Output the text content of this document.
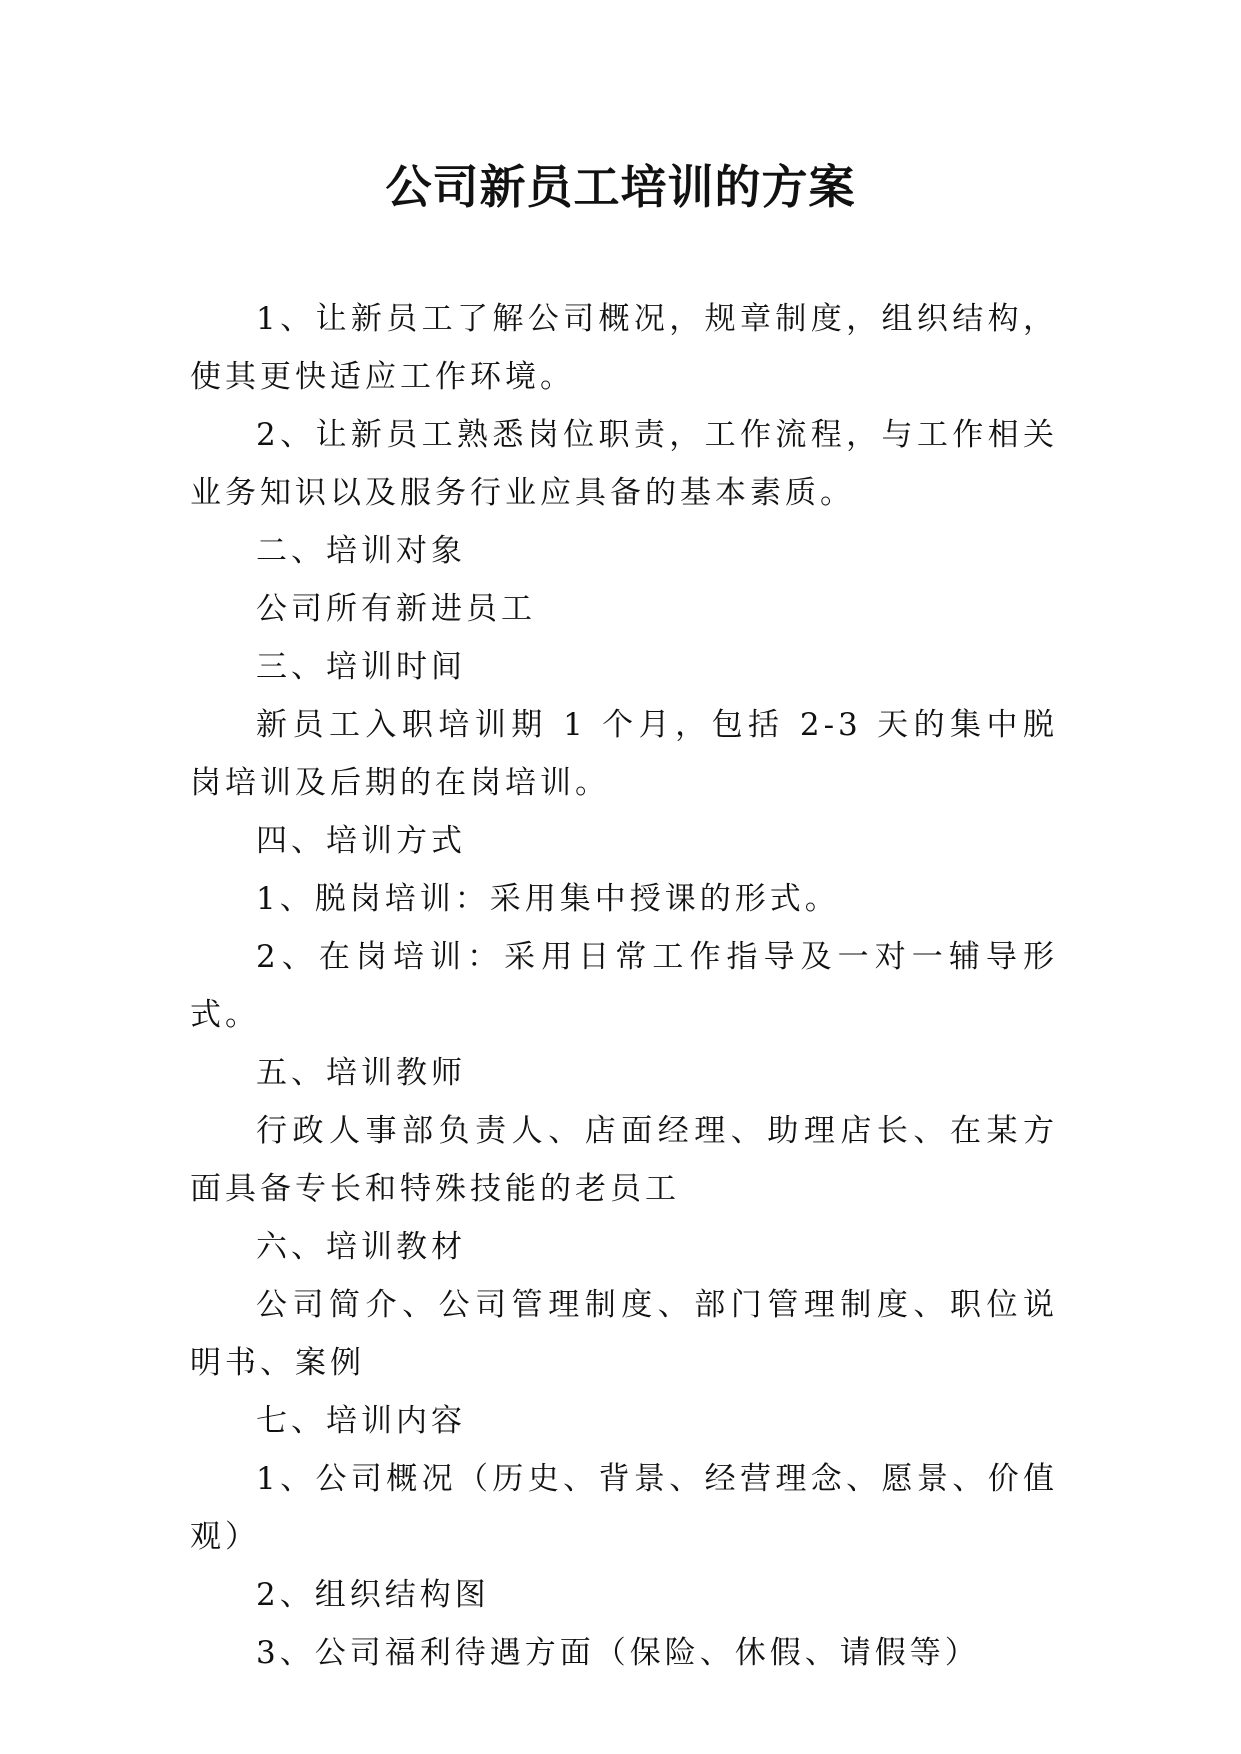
公司新员工培训的方案

1、让新员工了解公司概况，规章制度，组织结构，使其更快适应工作环境。

2、让新员工熟悉岗位职责，工作流程，与工作相关业务知识以及服务行业应具备的基本素质。

二、培训对象

公司所有新进员工

三、培训时间

新员工入职培训期 1 个月，包括 2-3 天的集中脱岗培训及后期的在岗培训。

四、培训方式

1、脱岗培训：采用集中授课的形式。

2、在岗培训：采用日常工作指导及一对一辅导形式。

五、培训教师

行政人事部负责人、店面经理、助理店长、在某方面具备专长和特殊技能的老员工

六、培训教材

公司简介、公司管理制度、部门管理制度、职位说明书、案例

七、培训内容

1、公司概况（历史、背景、经营理念、愿景、价值观）

2、组织结构图

3、公司福利待遇方面（保险、休假、请假等）
